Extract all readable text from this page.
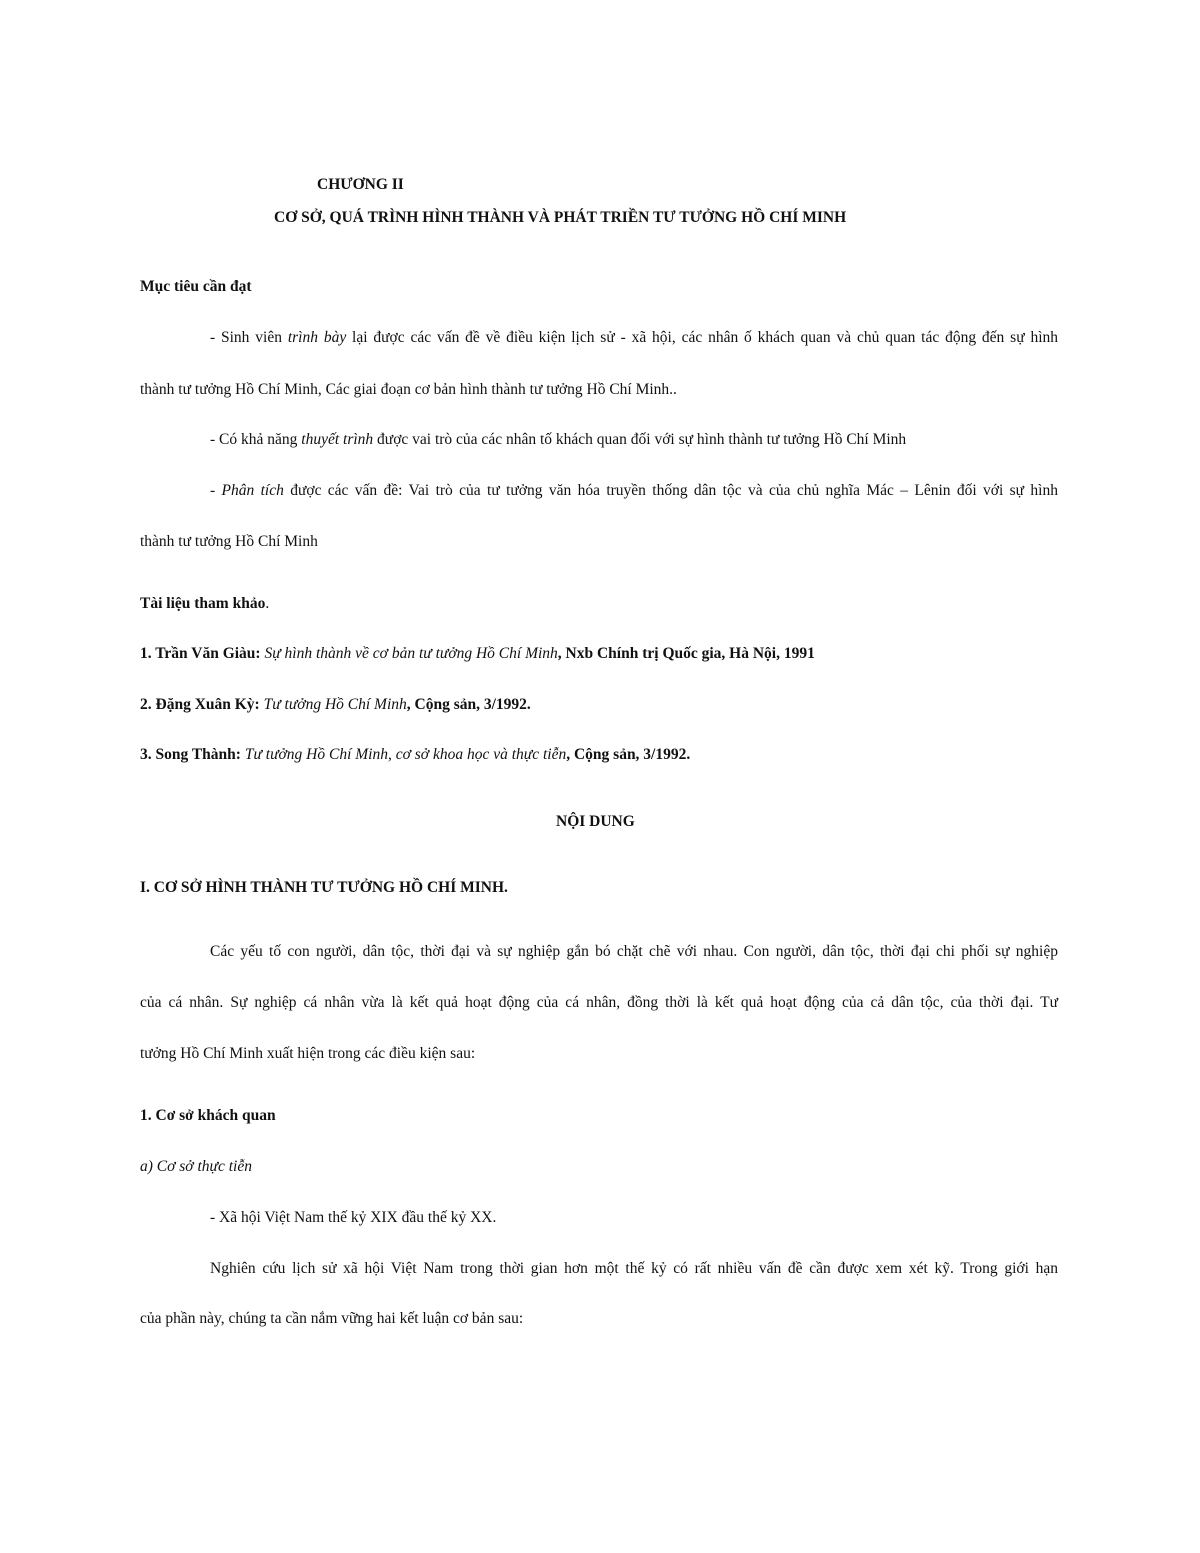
CHƯƠNG II
CƠ SỞ, QUÁ TRÌNH HÌNH THÀNH VÀ PHÁT TRIỀN TƯ TƯỞNG HỒ CHÍ MINH
Mục tiêu cần đạt
- Sinh viên trình bày lại được các vấn đề về điều kiện lịch sử - xã hội, các nhân ố khách quan và chủ quan tác động đến sự hình
thành tư tưởng Hồ Chí Minh, Các giai đoạn cơ bản hình thành tư tưởng Hồ Chí Minh..
- Có khả năng thuyết trình được vai trò của các nhân tố khách quan đối với sự hình thành tư tưởng Hồ Chí Minh
- Phân tích được các vấn đề: Vai trò của tư tưởng văn hóa truyền thống dân tộc và của chủ nghĩa Mác – Lênin đối với sự hình
thành tư tưởng Hồ Chí Minh
Tài liệu tham khảo.
1. Trần Văn Giàu: Sự hình thành về cơ bản tư tưởng Hồ Chí Minh, Nxb Chính trị Quốc gia, Hà Nội, 1991
2. Đặng Xuân Kỳ: Tư tưởng Hồ Chí Minh, Cộng sản, 3/1992.
3. Song Thành: Tư tưởng Hồ Chí Minh, cơ sở khoa học và thực tiễn, Cộng sản, 3/1992.
NỘI DUNG
I. CƠ SỞ HÌNH THÀNH TƯ TƯỞNG HỒ CHÍ MINH.
Các yếu tố con người, dân tộc, thời đại và sự nghiệp gắn bó chặt chẽ với nhau. Con người, dân tộc, thời đại chi phối sự nghiệp
của cá nhân. Sự nghiệp cá nhân vừa là kết quả hoạt động của cá nhân, đồng thời là kết quả hoạt động của cả dân tộc, của thời đại. Tư
tưởng Hồ Chí Minh xuất hiện trong các điều kiện sau:
1. Cơ sở khách quan
a) Cơ sở thực tiễn
- Xã hội Việt Nam thế kỷ XIX đầu thế kỷ XX.
Nghiên cứu lịch sử xã hội Việt Nam trong thời gian hơn một thế kỷ có rất nhiều vấn đề cần được xem xét kỹ. Trong giới hạn
của phần này, chúng ta cần nắm vững hai kết luận cơ bản sau:
